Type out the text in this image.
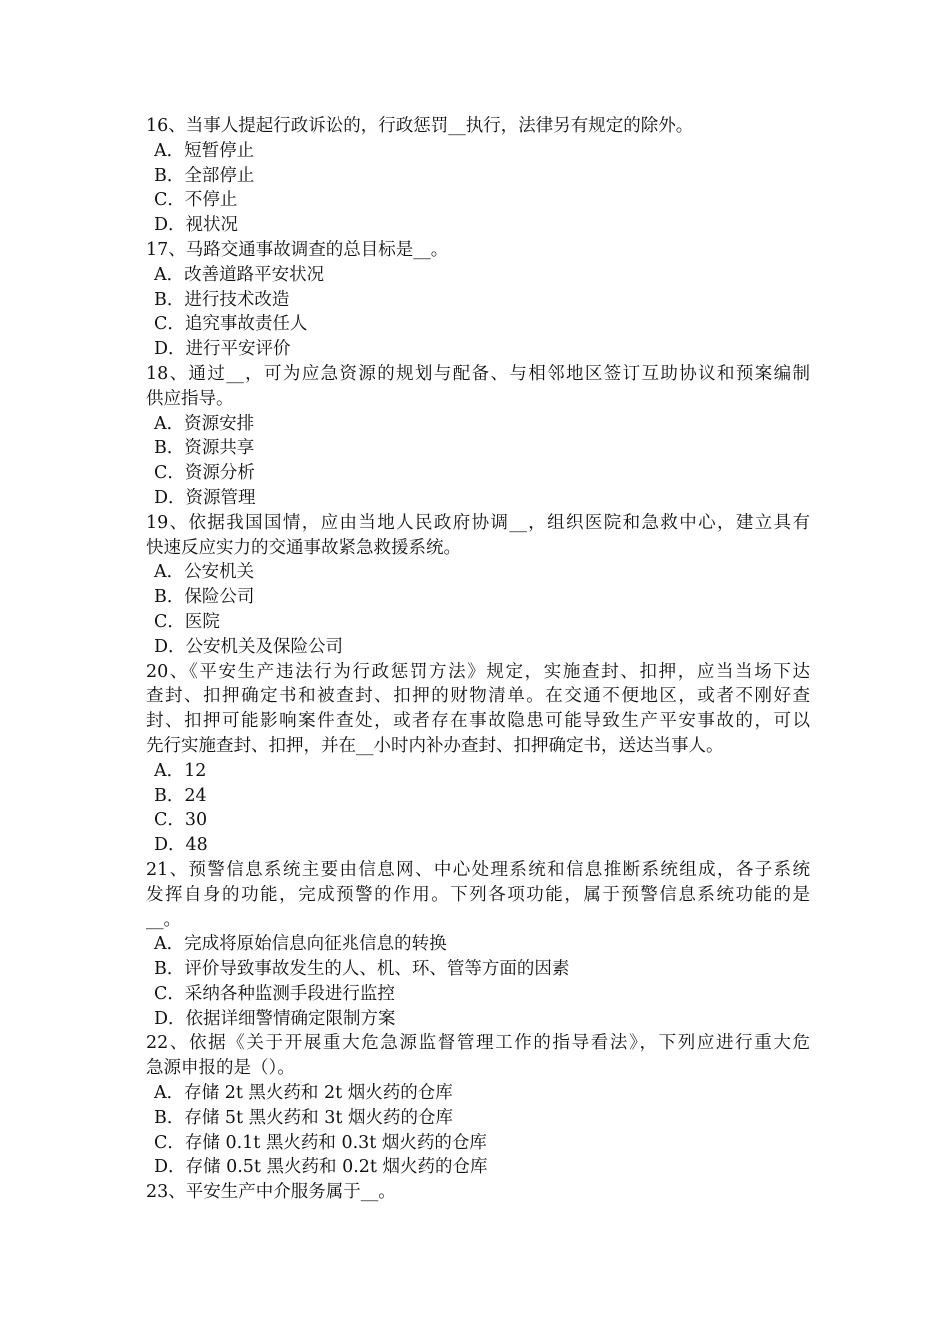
16、当事人提起行政诉讼的，行政惩罚__执行，法律另有规定的除外。
A．短暂停止
B．全部停止
C．不停止
D．视状况
17、马路交通事故调查的总目标是__。
A．改善道路平安状况
B．进行技术改造
C．追究事故责任人
D．进行平安评价
18、通过__，可为应急资源的规划与配备、与相邻地区签订互助协议和预案编制
供应指导。
A．资源安排
B．资源共享
C．资源分析
D．资源管理
19、依据我国国情，应由当地人民政府协调__，组织医院和急救中心，建立具有
快速反应实力的交通事故紧急救援系统。
A．公安机关
B．保险公司
C．医院
D．公安机关及保险公司
20、《平安生产违法行为行政惩罚方法》规定，实施查封、扣押，应当当场下达
查封、扣押确定书和被查封、扣押的财物清单。在交通不便地区，或者不刚好查
封、扣押可能影响案件查处，或者存在事故隐患可能导致生产平安事故的，可以
先行实施查封、扣押，并在__小时内补办查封、扣押确定书，送达当事人。
A．12
B．24
C．30
D．48
21、预警信息系统主要由信息网、中心处理系统和信息推断系统组成，各子系统
发挥自身的功能，完成预警的作用。下列各项功能，属于预警信息系统功能的是
__。
A．完成将原始信息向征兆信息的转换
B．评价导致事故发生的人、机、环、管等方面的因素
C．采纳各种监测手段进行监控
D．依据详细警情确定限制方案
22、依据《关于开展重大危急源监督管理工作的指导看法》，下列应进行重大危
急源申报的是（）。
A．存储 2t 黑火药和 2t 烟火药的仓库
B．存储 5t 黑火药和 3t 烟火药的仓库
C．存储 0.1t 黑火药和 0.3t 烟火药的仓库
D．存储 0.5t 黑火药和 0.2t 烟火药的仓库
23、平安生产中介服务属于__。
